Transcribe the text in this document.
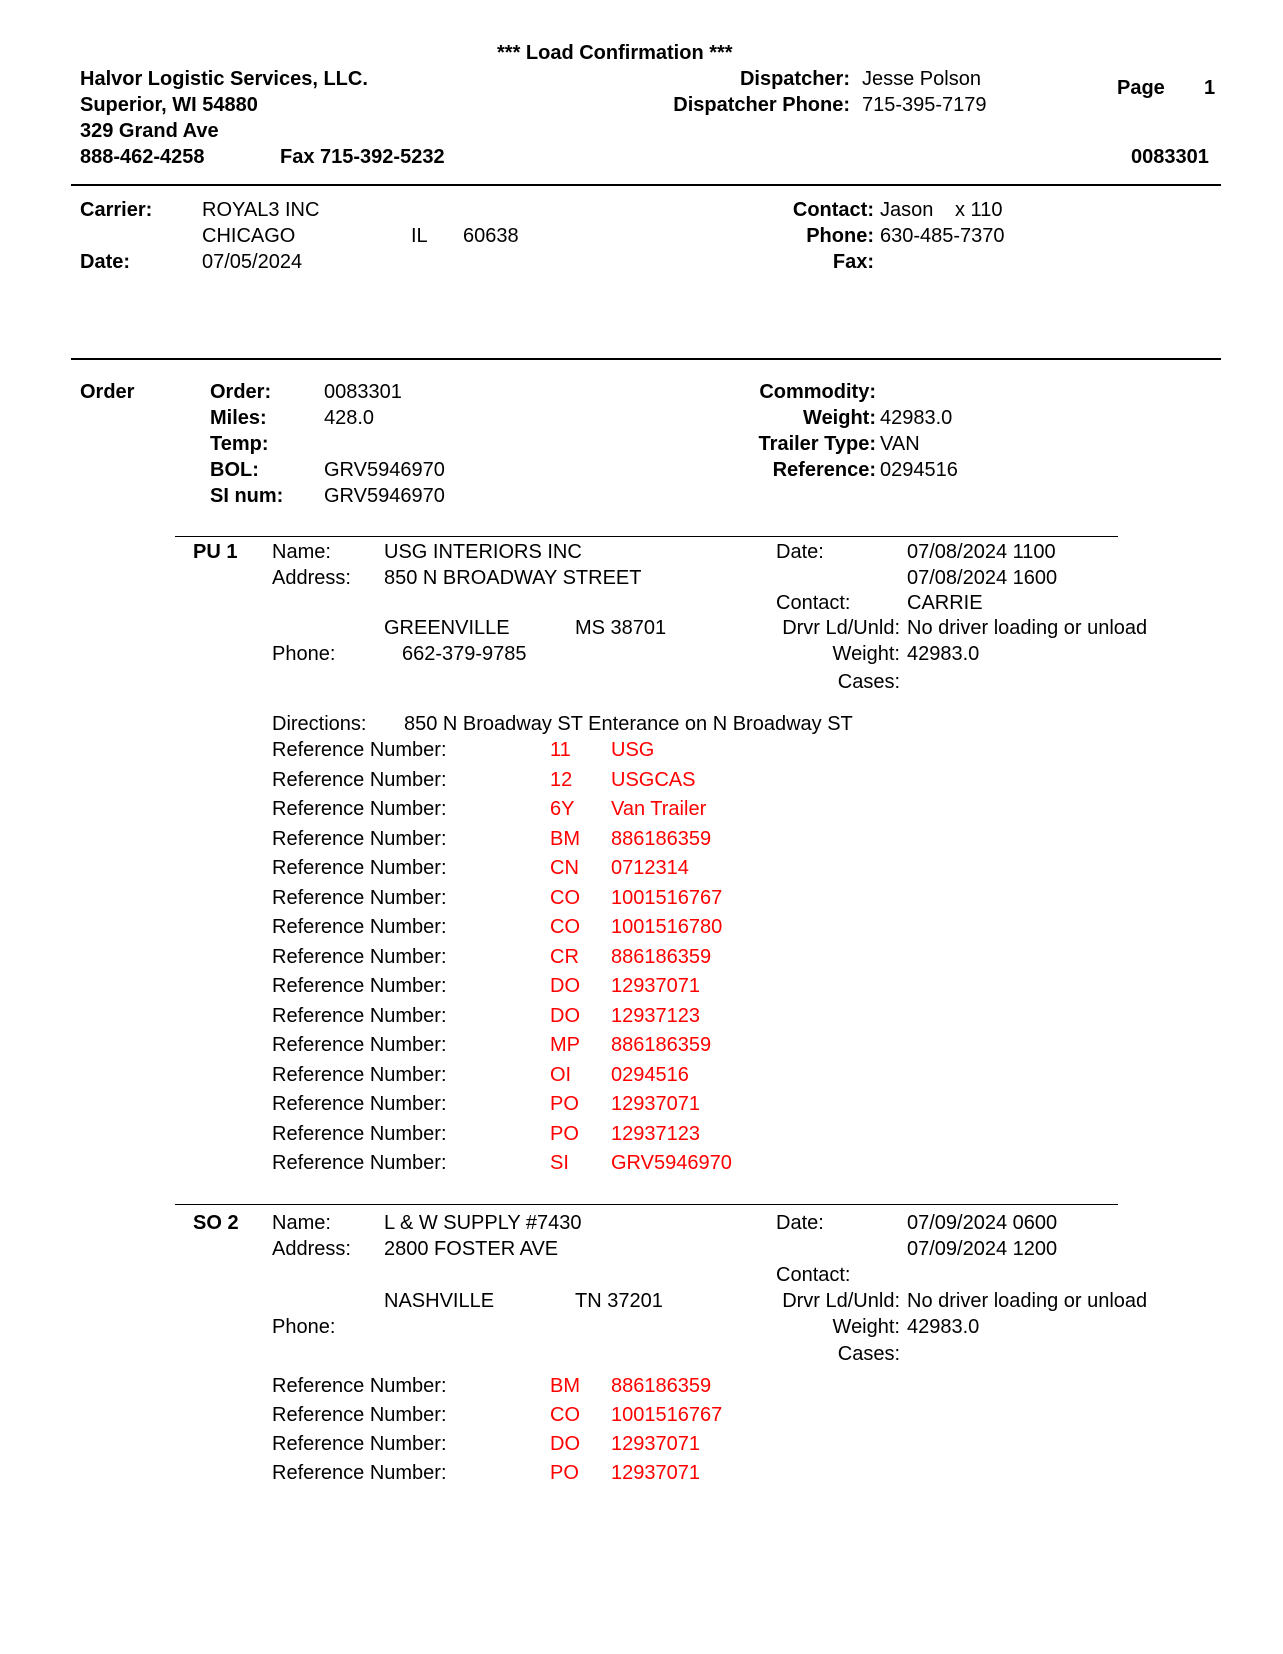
*** Load Confirmation ***
Halvor Logistic Services, LLC.
Superior, WI 54880
329 Grand Ave
888-462-4258	Fax 715-392-5232
Dispatcher: Jesse Polson
Dispatcher Phone: 715-395-7179
Page 1
0083301
Carrier: ROYAL3 INC
CHICAGO	IL 60638
Date:	07/05/2024
Contact: Jason x 110
Phone: 630-485-7370
Fax:
Order	Order:	0083301
Miles:	428.0
Temp:
BOL:	GRV5946970
SI num: GRV5946970
Commodity:
Weight: 42983.0
Trailer Type: VAN
Reference: 0294516
PU 1 Name:	USG INTERIORS INC
Address: 850 N BROADWAY STREET
GREENVILLE	MS 38701
Phone:	662-379-9785
Date:	07/08/2024 1100
07/08/2024 1600
Contact:	CARRIE
Drvr Ld/Unld: No driver loading or unload
Weight: 42983.0
Cases:
Directions: 850 N Broadway ST Enterance on N Broadway ST
Reference Number:	11 USG
Reference Number:	12 USGCAS
Reference Number:	6Y Van Trailer
Reference Number:	BM 886186359
Reference Number:	CN 0712314
Reference Number:	CO 1001516767
Reference Number:	CO 1001516780
Reference Number:	CR 886186359
Reference Number:	DO 12937071
Reference Number:	DO 12937123
Reference Number:	MP 886186359
Reference Number:	OI 0294516
Reference Number:	PO 12937071
Reference Number:	PO 12937123
Reference Number:	SI GRV5946970
SO 2 Name:	L & W SUPPLY #7430
Address: 2800 FOSTER AVE
NASHVILLE	TN 37201
Phone:
Date:	07/09/2024 0600
07/09/2024 1200
Contact:
Drvr Ld/Unld: No driver loading or unload
Weight: 42983.0
Cases:
Reference Number:	BM 886186359
Reference Number:	CO 1001516767
Reference Number:	DO 12937071
Reference Number:	PO 12937071
